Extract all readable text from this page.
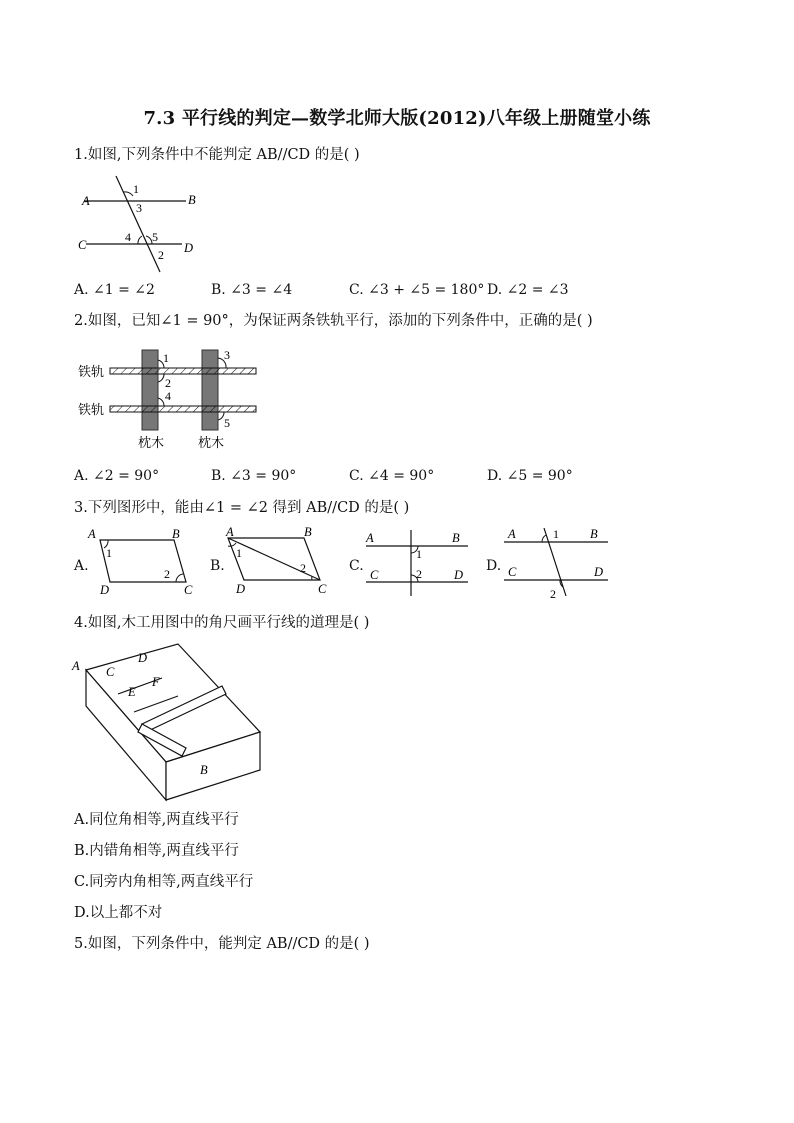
7.3 平行线的判定—数学北师大版(2012)八年级上册随堂小练
1.如图,下列条件中不能判定 AB//CD 的是( )
A	B
C	D
1
3
4 5
2
A. ∠1 = ∠2	B. ∠3 = ∠4	C. ∠3 + ∠5 = 180° D. ∠2 = ∠3
2.如图，已知∠1 = 90°，为保证两条铁轨平行，添加的下列条件中，正确的是( )
1
2
3
4
5
铁轨
铁轨
枕木	枕木
A. ∠2 = 90°	B. ∠3 = 90°	C. ∠4 = 90°	D. ∠5 = 90°
3.下列图形中，能由∠1 = ∠2 得到 AB//CD 的是( )
A.
A	B
C
D
1
2	B.
A	B
C
D
1
2	C.
A	B
C	D
1
2	D.
A	B
C	D
1
2
4.如图,木工用图中的角尺画平行线的道理是( )
A C
D
E
F
B
A.同位角相等,两直线平行
B.内错角相等,两直线平行
C.同旁内角相等,两直线平行
D.以上都不对
5.如图，下列条件中，能判定 AB//CD 的是( )
